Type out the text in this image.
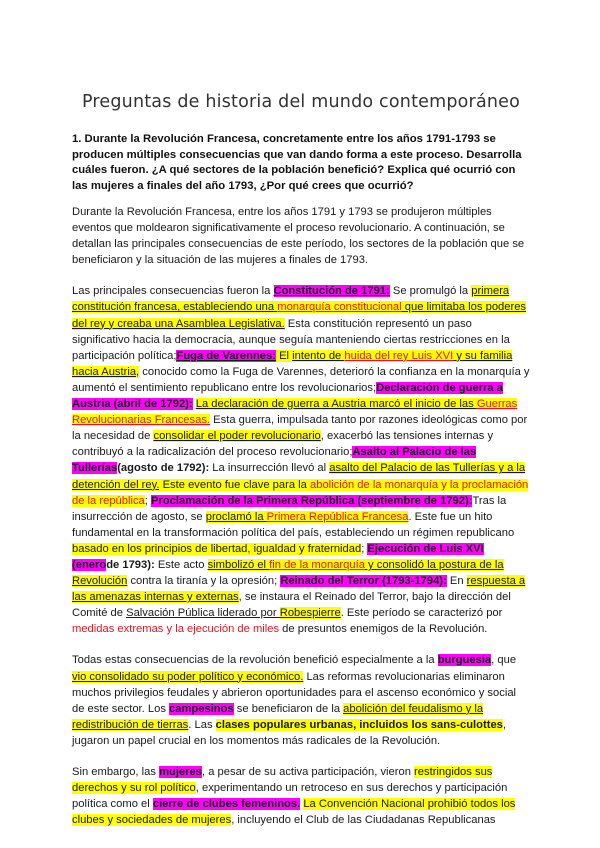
Preguntas de historia del mundo contemporáneo

1. Durante la Revolución Francesa, concretamente entre los años 1791-1793 se producen múltiples consecuencias que van dando forma a este proceso. Desarrolla cuáles fueron. ¿A qué sectores de la población benefició? Explica qué ocurrió con las mujeres a finales del año 1793, ¿Por qué crees que ocurrió?

Durante la Revolución Francesa, entre los años 1791 y 1793 se produjeron múltiples eventos que moldearon significativamente el proceso revolucionario. A continuación, se detallan las principales consecuencias de este período, los sectores de la población que se beneficiaron y la situación de las mujeres a finales de 1793.

Las principales consecuencias fueron la Constitución de 1791: Se promulgó la primera constitución francesa, estableciendo una monarquía constitucional que limitaba los poderes del rey y creaba una Asamblea Legislativa. Esta constitución representó un paso significativo hacia la democracia, aunque seguía manteniendo ciertas restricciones en la participación política;Fuga de Varennes: El intento de huida del rey Luis XVI y su familia hacia Austria, conocido como la Fuga de Varennes, deterioró la confianza en la monarquía y aumentó el sentimiento republicano entre los revolucionarios;Declaración de guerra a Austria (abril de 1792): La declaración de guerra a Austria marcó el inicio de las Guerras Revolucionarias Francesas. Esta guerra, impulsada tanto por razones ideológicas como por la necesidad de consolidar el poder revolucionario, exacerbó las tensiones internas y contribuyó a la radicalización del proceso revolucionario;Asalto al Palacio de las Tullerías(agosto de 1792): La insurrección llevó al asalto del Palacio de las Tullerías y a la detención del rey. Este evento fue clave para la abolición de la monarquía y la proclamación de la república; Proclamación de la Primera República (septiembre de 1792):Tras la insurrección de agosto, se proclamó la Primera República Francesa. Este fue un hito fundamental en la transformación política del país, estableciendo un régimen republicano basado en los principios de libertad, igualdad y fraternidad; Ejecución de Luis XVI (enerode 1793): Este acto simbolizó el fin de la monarquía y consolidó la postura de la Revolución contra la tiranía y la opresión; Reinado del Terror (1793-1794): En respuesta a las amenazas internas y externas, se instaura el Reinado del Terror, bajo la dirección del Comité de Salvación Pública liderado por Robespierre. Este período se caracterizó por medidas extremas y la ejecución de miles de presuntos enemigos de la Revolución.

Todas estas consecuencias de la revolución benefició especialmente a la burguesía, que vio consolidado su poder político y económico. Las reformas revolucionarias eliminaron muchos privilegios feudales y abrieron oportunidades para el ascenso económico y social de este sector. Los campesinos se beneficiaron de la abolición del feudalismo y la redistribución de tierras. Las clases populares urbanas, incluidos los sans-culottes, jugaron un papel crucial en los momentos más radicales de la Revolución.

Sin embargo, las mujeres, a pesar de su activa participación, vieron restringidos sus derechos y su rol político, experimentando un retroceso en sus derechos y participación política como el cierre de clubes femeninos. La Convención Nacional prohibió todos los clubes y sociedades de mujeres, incluyendo el Club de las Ciudadanas Republicanas
